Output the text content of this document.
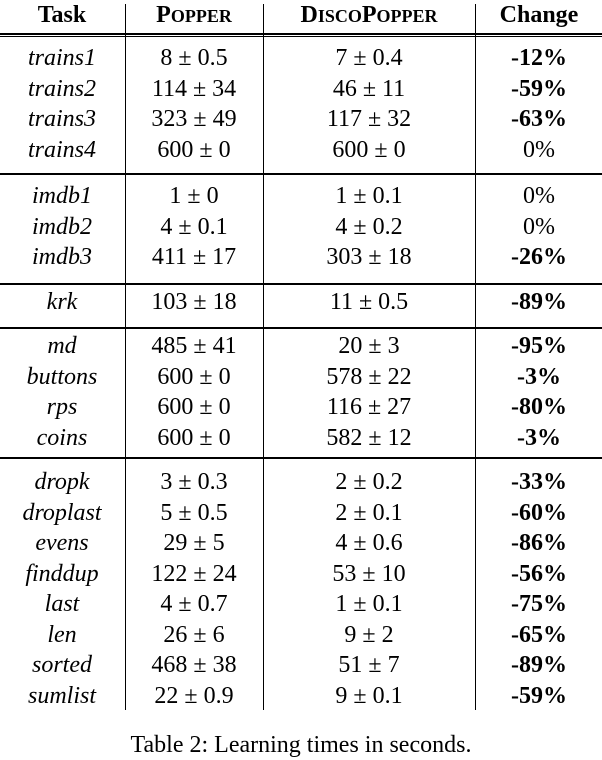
Task	POPPER	DISCOPOPPER	Change
trains1	8 ± 0.5	7 ± 0.4	-12%
trains2	114 ± 34	46 ± 11	-59%
trains3	323 ± 49	117 ± 32	-63%
trains4	600 ± 0	600 ± 0	0%
imdb1	1 ± 0	1 ± 0.1	0%
imdb2	4 ± 0.1	4 ± 0.2	0%
imdb3	411 ± 17	303 ± 18	-26%
krk	103 ± 18	11 ± 0.5	-89%
md	485 ± 41	20 ± 3	-95%
buttons	600 ± 0	578 ± 22	-3%
rps	600 ± 0	116 ± 27	-80%
coins	600 ± 0	582 ± 12	-3%
dropk	3 ± 0.3	2 ± 0.2	-33%
droplast	5 ± 0.5	2 ± 0.1	-60%
evens	29 ± 5	4 ± 0.6	-86%
finddup	122 ± 24	53 ± 10	-56%
last	4 ± 0.7	1 ± 0.1	-75%
len	26 ± 6	9 ± 2	-65%
sorted	468 ± 38	51 ± 7	-89%
sumlist	22 ± 0.9	9 ± 0.1	-59%
Table 2: Learning times in seconds.
